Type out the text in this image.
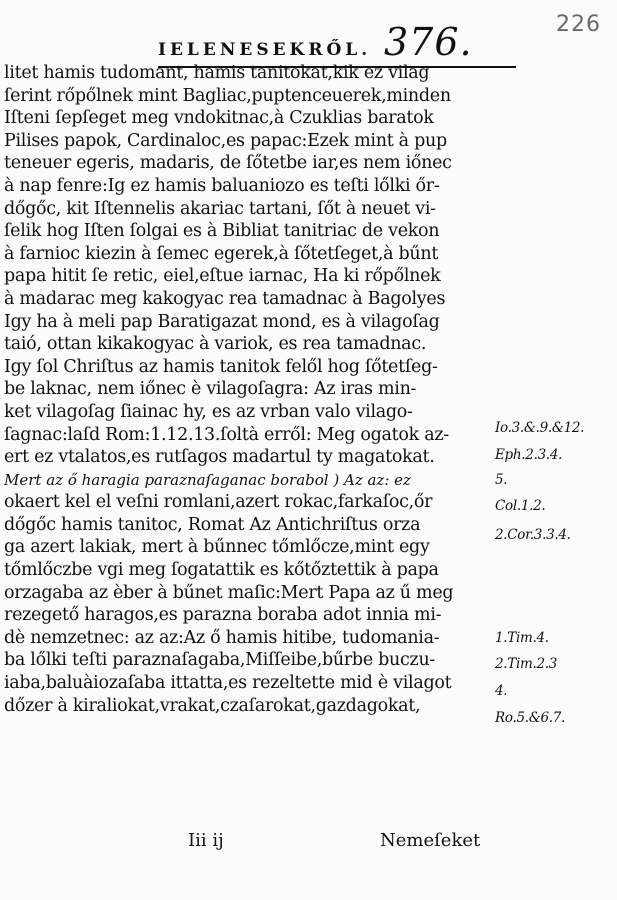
IELENESEKRŐL. 376.	226
litet hamis tudomant, hamis tanitokat,kik ez vilag
ſerint rőpőlnek mint Bagliac,puptenceuerek,minden
Iſteni ſepſeget meg vndokitnac,à Czuklias baratok
Pilises papok, Cardinaloc,es papac:Ezek mint à pup
teneuer egeris, madaris, de ſőtetbe iar,es nem iőnec
à nap fenre:Ig ez hamis baluaniozo es teſti lőlki őr-
dőgőc, kit Iſtennelis akariac tartani, ſőt à neuet vi-
ſelik hog Iſten ſolgai es à Bibliat tanitriac de vekon
à farnioc kiezin à ſemec egerek,à ſőtetſeget,à bűnt
papa hitit ſe retic, eiel,eſtue iarnac, Ha ki rőpőlnek
à madarac meg kakogyac rea tamadnac à Bagolyes
Igy ha à meli pap Baratigazat mond, es à vilagoſag
taió, ottan kikakogyac à variok, es rea tamadnac.
Igy ſol Chriſtus az hamis tanitok felől hog ſőtetſeg-
be laknac, nem iőnec è vilagoſagra: Az iras min-
ket vilagoſag ſiainac hy, es az vrban valo vilago-
ſagnac:laſd Rom:1.12.13.ſoltà erről: Meg ogatok az-
ert ez vtalatos,es rutſagos madartul ty magatokat.
Mert az ő haragia paraznaſaganac borabol ) Az az: ez
okaert kel el veſni romlani,azert rokac,farkaſoc,őr
dőgőc hamis tanitoc, Romat Az Antichriſtus orza
ga azert lakiak, mert à bűnnec tőmlőcze,mint egy
tőmlőczbe vgi meg ſogatattik es kőtőztettik à papa
orzagaba az èber à bűnet maſic:Mert Papa az ű meg
rezegető haragos,es parazna boraba adot innia mi-
dè nemzetnec: az az:Az ő hamis hitibe, tudomania-
ba lőlki teſti paraznaſagaba,Miſſeibe,bűrbe buczu-
iaba,baluàiozaſaba ittatta,es rezeltette mid è vilagot
dőzer à kiraliokat,vrakat,czaſarokat,gazdagokat,
Io.3.&.9.&12.
Eph.2.3.4.
5.
Col.1.2.
2.Cor.3.3.4.
1.Tim.4.
2.Tim.2.3
4.
Ro.5.&6.7.
Iii ij	Nemeſeket
